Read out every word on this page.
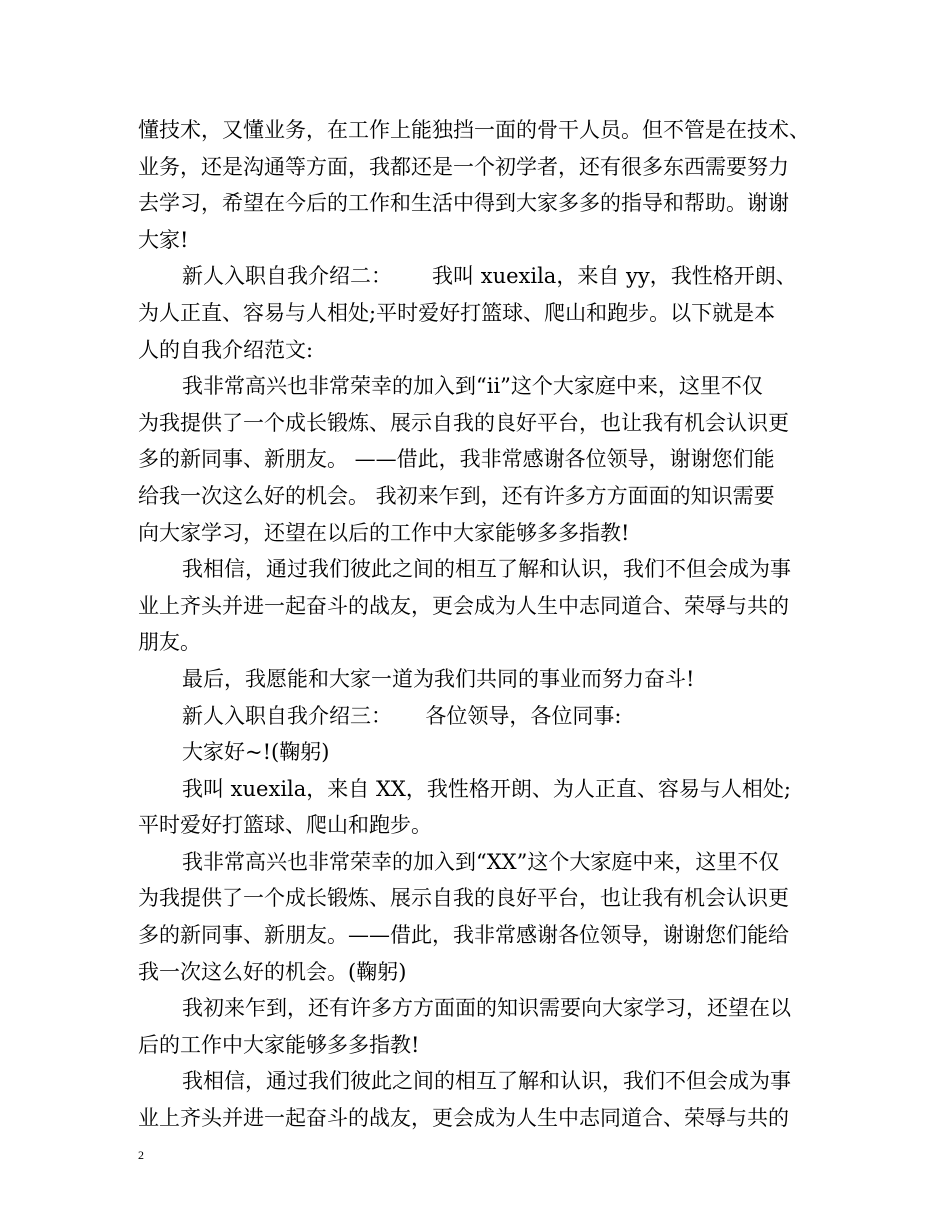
懂技术，又懂业务，在工作上能独挡一面的骨干人员。但不管是在技术、
业务，还是沟通等方面，我都还是一个初学者，还有很多东西需要努力
去学习，希望在今后的工作和生活中得到大家多多的指导和帮助。谢谢
大家!
新人入职自我介绍二：      我叫 xuexila，来自 yy，我性格开朗、
为人正直、容易与人相处;平时爱好打篮球、爬山和跑步。以下就是本
人的自我介绍范文:
我非常高兴也非常荣幸的加入到“ii”这个大家庭中来，这里不仅
为我提供了一个成长锻炼、展示自我的良好平台，也让我有机会认识更
多的新同事、新朋友。 ——借此，我非常感谢各位领导，谢谢您们能
给我一次这么好的机会。 我初来乍到，还有许多方方面面的知识需要
向大家学习，还望在以后的工作中大家能够多多指教!
我相信，通过我们彼此之间的相互了解和认识，我们不但会成为事
业上齐头并进一起奋斗的战友，更会成为人生中志同道合、荣辱与共的
朋友。
最后，我愿能和大家一道为我们共同的事业而努力奋斗!
新人入职自我介绍三：     各位领导，各位同事:
大家好~!(鞠躬)
我叫 xuexila，来自 XX，我性格开朗、为人正直、容易与人相处;
平时爱好打篮球、爬山和跑步。
我非常高兴也非常荣幸的加入到“XX”这个大家庭中来，这里不仅
为我提供了一个成长锻炼、展示自我的良好平台，也让我有机会认识更
多的新同事、新朋友。——借此，我非常感谢各位领导，谢谢您们能给
我一次这么好的机会。(鞠躬)
我初来乍到，还有许多方方面面的知识需要向大家学习，还望在以
后的工作中大家能够多多指教!
我相信，通过我们彼此之间的相互了解和认识，我们不但会成为事
业上齐头并进一起奋斗的战友，更会成为人生中志同道合、荣辱与共的
2
